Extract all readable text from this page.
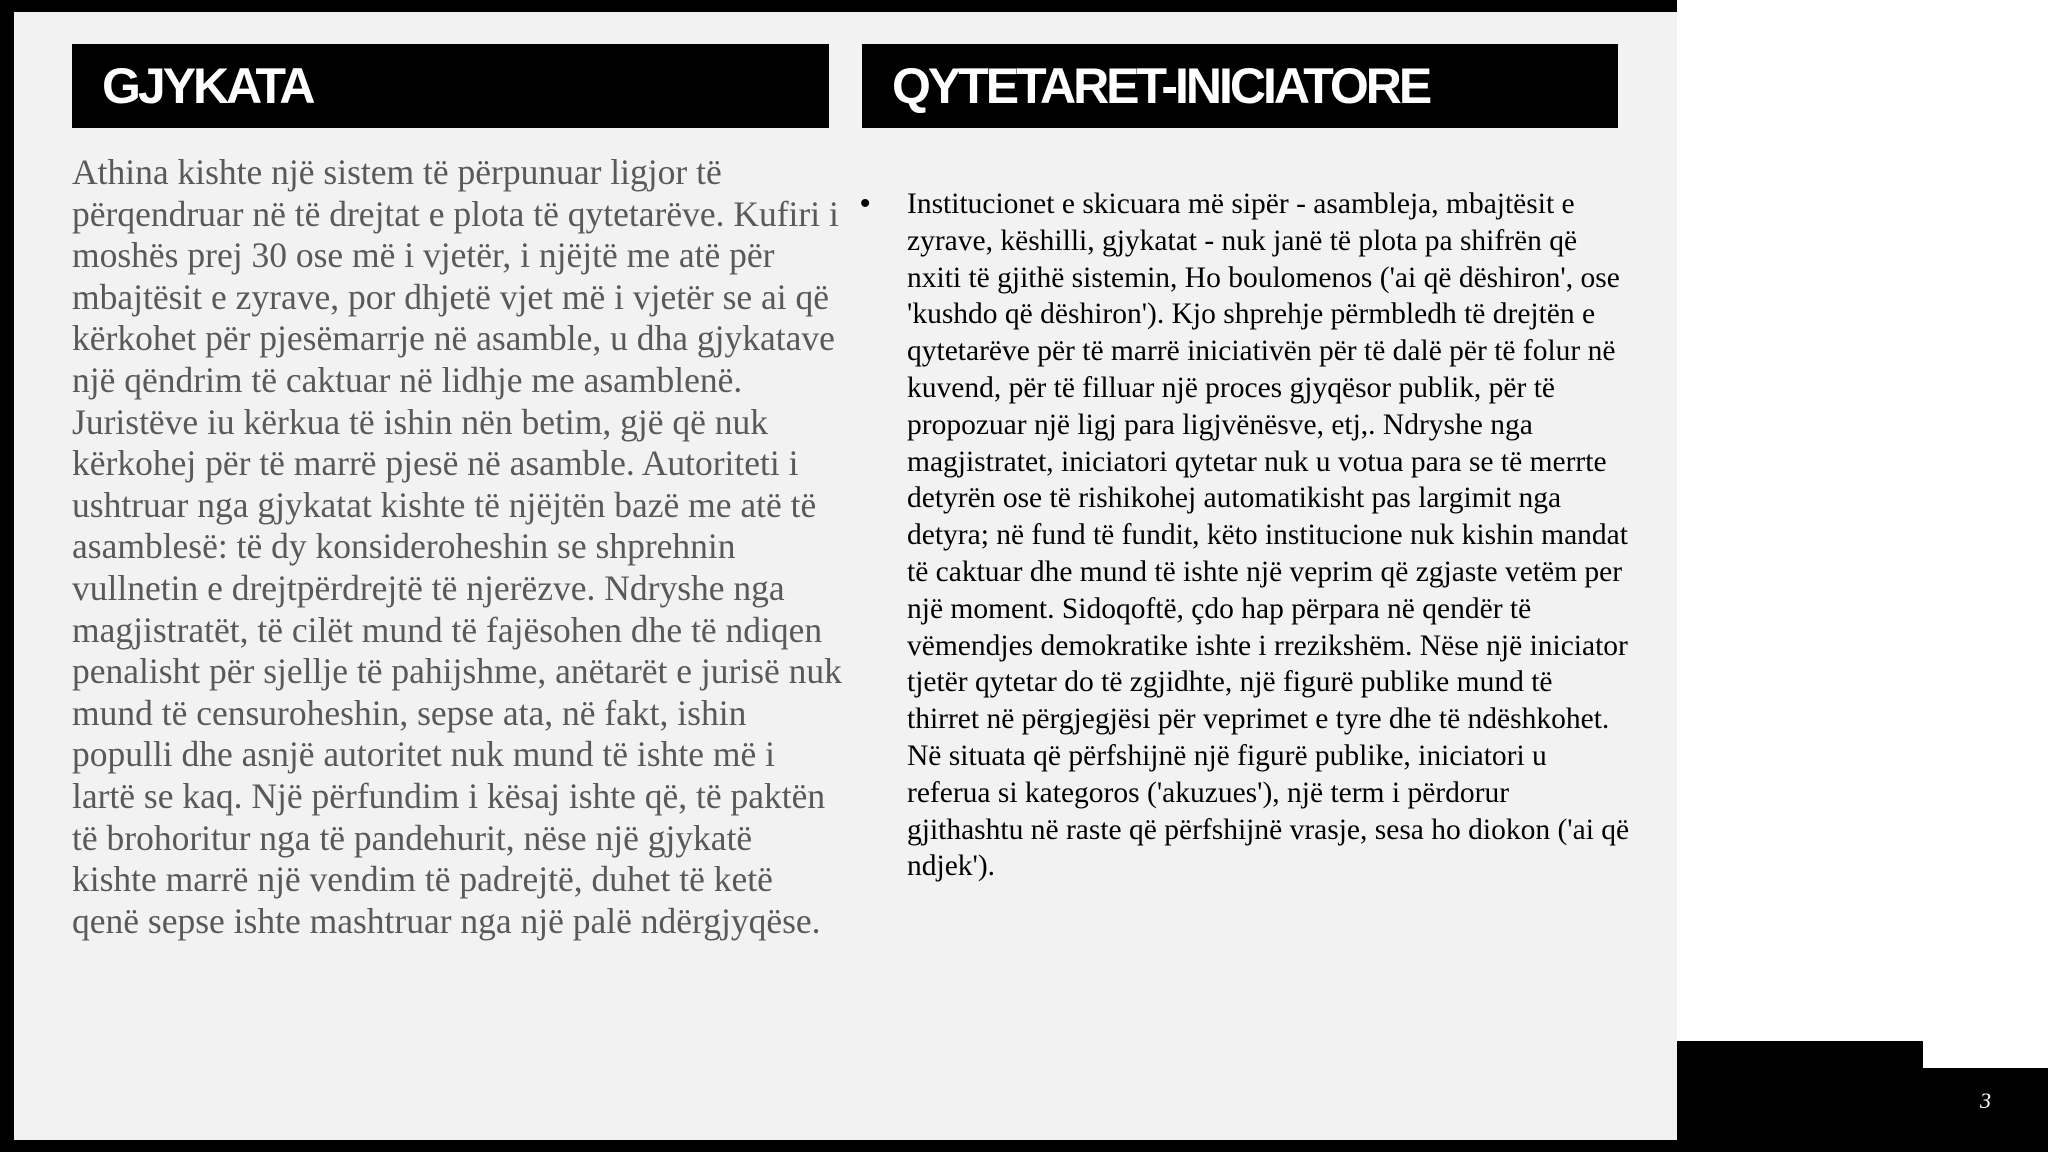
GJYKATA	QYTETARET-INICIATORE

Athina kishte një sistem të përpunuar ligjor të përqendruar në të drejtat e plota të qytetarëve. Kufiri i moshës prej 30 ose më i vjetër, i njëjtë me atë për mbajtësit e zyrave, por dhjetë vjet më i vjetër se ai që kërkohet për pjesëmarrje në asamble, u dha gjykatave një qëndrim të caktuar në lidhje me asamblenë. Juristëve iu kërkua të ishin nën betim, gjë që nuk kërkohej për të marrë pjesë në asamble. Autoriteti i ushtruar nga gjykatat kishte të njëjtën bazë me atë të asamblesë: të dy konsideroheshin se shprehnin vullnetin e drejtpërdrejtë të njerëzve. Ndryshe nga magjistratët, të cilët mund të fajësohen dhe të ndiqen penalisht për sjellje të pahijshme, anëtarët e jurisë nuk mund të censuroheshin, sepse ata, në fakt, ishin populli dhe asnjë autoritet nuk mund të ishte më i lartë se kaq. Një përfundim i kësaj ishte që, të paktën të brohoritur nga të pandehurit, nëse një gjykatë kishte marrë një vendim të padrejtë, duhet të ketë qenë sepse ishte mashtruar nga një palë ndërgjyqëse.

• Institucionet e skicuara më sipër - asambleja, mbajtësit e zyrave, këshilli, gjykatat - nuk janë të plota pa shifrën që nxiti të gjithë sistemin, Ho boulomenos ('ai që dëshiron', ose 'kushdo që dëshiron'). Kjo shprehje përmbledh të drejtën e qytetarëve për të marrë iniciativën për të dalë për të folur në kuvend, për të filluar një proces gjyqësor publik, për të propozuar një ligj para ligjvënësve, etj,. Ndryshe nga magjistratet, iniciatori qytetar nuk u votua para se të merrte detyrën ose të rishikohej automatikisht pas largimit nga detyra; në fund të fundit, këto institucione nuk kishin mandat të caktuar dhe mund të ishte një veprim që zgjaste vetëm per një moment. Sidoqoftë, çdo hap përpara në qendër të vëmendjes demokratike ishte i rrezikshëm. Nëse një iniciator tjetër qytetar do të zgjidhte, një figurë publike mund të thirret në përgjegjësi për veprimet e tyre dhe të ndëshkohet. Në situata që përfshijnë një figurë publike, iniciatori u referua si kategoros ('akuzues'), një term i përdorur gjithashtu në raste që përfshijnë vrasje, sesa ho diokon ('ai që ndjek').
3
